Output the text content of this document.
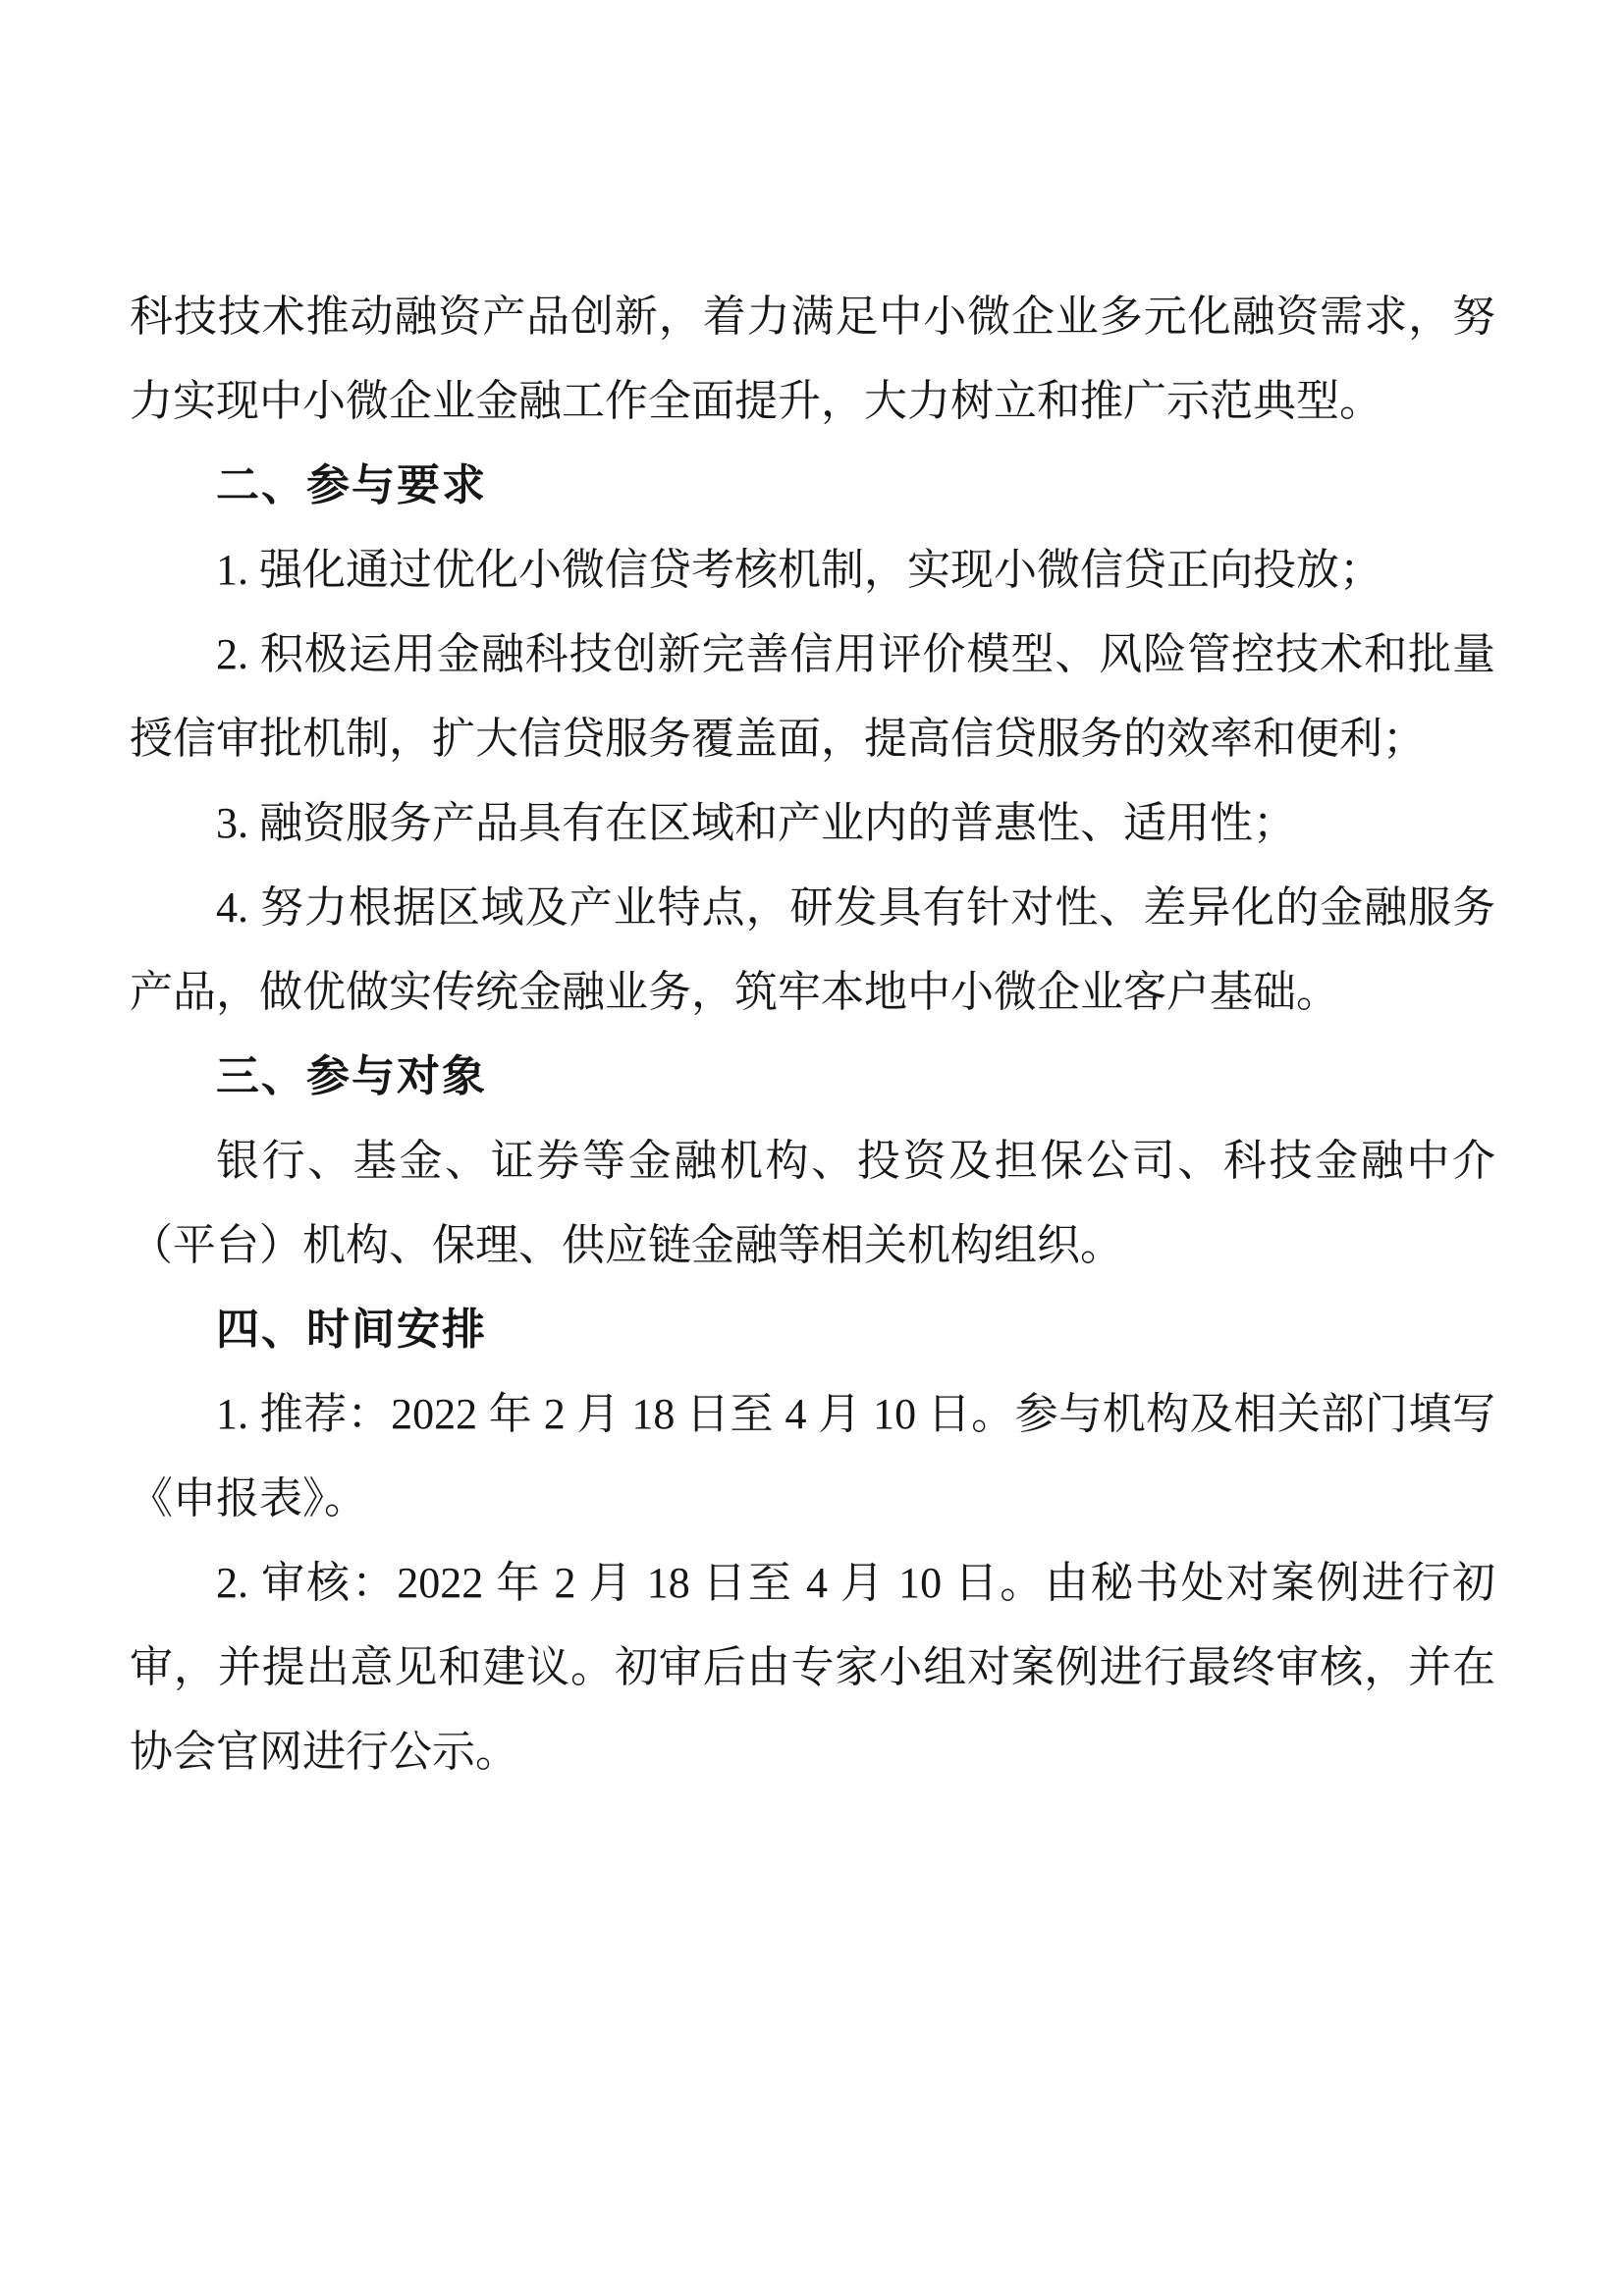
科技技术推动融资产品创新，着力满足中小微企业多元化融资需求，努力实现中小微企业金融工作全面提升，大力树立和推广示范典型。

二、参与要求

1. 强化通过优化小微信贷考核机制，实现小微信贷正向投放；

2. 积极运用金融科技创新完善信用评价模型、风险管控技术和批量授信审批机制，扩大信贷服务覆盖面，提高信贷服务的效率和便利；

3. 融资服务产品具有在区域和产业内的普惠性、适用性；

4. 努力根据区域及产业特点，研发具有针对性、差异化的金融服务产品，做优做实传统金融业务，筑牢本地中小微企业客户基础。

三、参与对象

银行、基金、证券等金融机构、投资及担保公司、科技金融中介（平台）机构、保理、供应链金融等相关机构组织。

四、时间安排

1. 推荐：2022 年 2 月 18 日至 4 月 10 日。参与机构及相关部门填写《申报表》。

2. 审核：2022 年 2 月 18 日至 4 月 10 日。由秘书处对案例进行初审，并提出意见和建议。初审后由专家小组对案例进行最终审核，并在协会官网进行公示。
